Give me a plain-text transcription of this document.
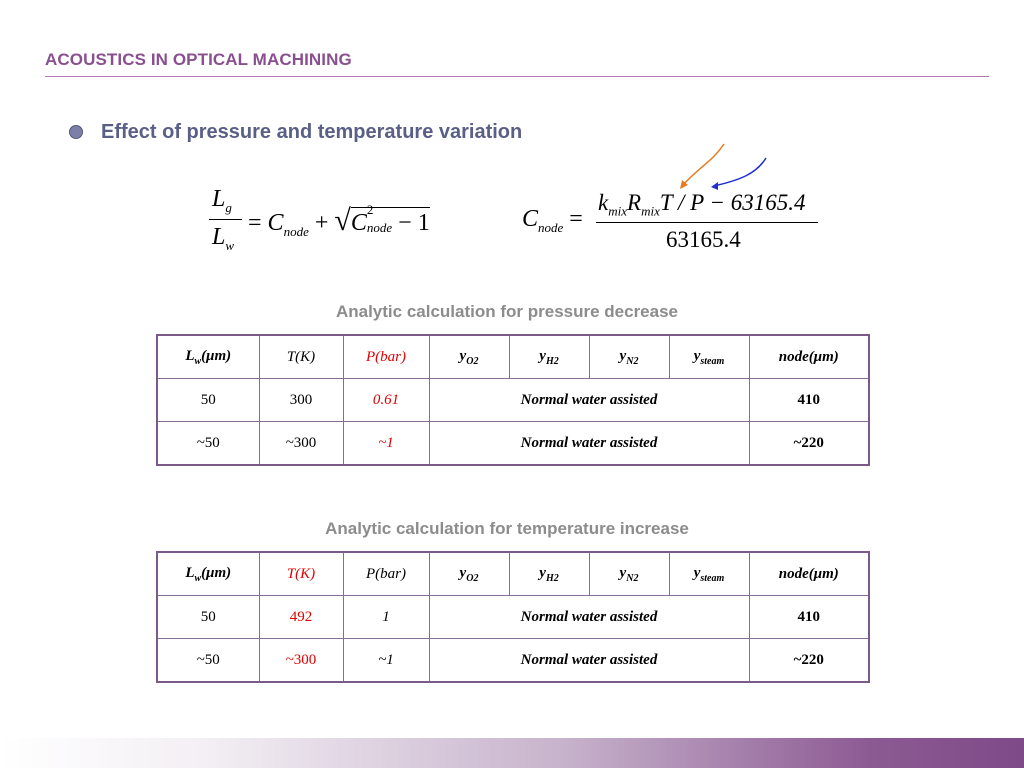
ACOUSTICS IN OPTICAL MACHINING
Effect of pressure and temperature variation
$L_g$
$L_w$
= $C_{node} + √C$
2
node − 1	$C_{node}$ =
$k_{mix}R_{mix}T / P - 63165.4$
63165.4
Analytic calculation for pressure decrease
$L_w(\mu m)$	T(K)	P(bar)	$y_{O2}$	$y_{H2}$	$y_{N2}$	$y_{steam}$	node(μm)
50	300	0.61	Normal water assisted				410
~50	~300	~1	Normal water assisted				~220
Analytic calculation for temperature increase
$L_w(\mu m)$	T(K)	P(bar)	$y_{O2}$	$y_{H2}$	$y_{N2}$	$y_{steam}$	node(μm)
50	492	1	Normal water assisted				410
~50	~300	~1	Normal water assisted				~220
